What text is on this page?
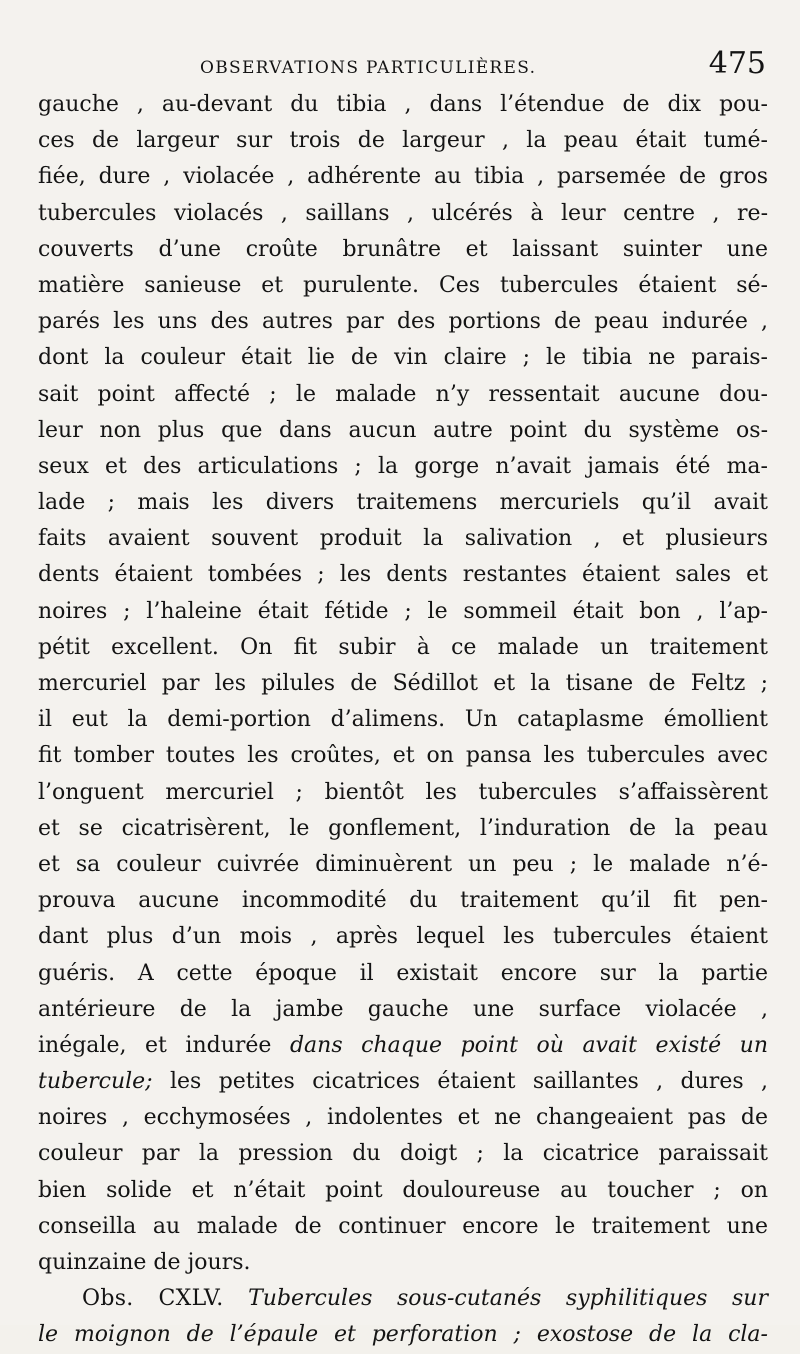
OBSERVATIONS PARTICULIÈRES.	475
gauche , au-devant du tibia , dans l’étendue de dix pou-
ces de largeur sur trois de largeur , la peau était tumé-
fiée, dure , violacée , adhérente au tibia , parsemée de gros
tubercules violacés , saillans , ulcérés à leur centre , re-
couverts d’une croûte brunâtre et laissant suinter une
matière sanieuse et purulente. Ces tubercules étaient sé-
parés les uns des autres par des portions de peau indurée ,
dont la couleur était lie de vin claire ; le tibia ne parais-
sait point affecté ; le malade n’y ressentait aucune dou-
leur non plus que dans aucun autre point du système os-
seux et des articulations ; la gorge n’avait jamais été ma-
lade ; mais les divers traitemens mercuriels qu’il avait
faits avaient souvent produit la salivation , et plusieurs
dents étaient tombées ; les dents restantes étaient sales et
noires ; l’haleine était fétide ; le sommeil était bon , l’ap-
pétit excellent. On fit subir à ce malade un traitement
mercuriel par les pilules de Sédillot et la tisane de Feltz ;
il eut la demi-portion d’alimens. Un cataplasme émollient
fit tomber toutes les croûtes, et on pansa les tubercules avec
l’onguent mercuriel ; bientôt les tubercules s’affaissèrent
et se cicatrisèrent, le gonflement, l’induration de la peau
et sa couleur cuivrée diminuèrent un peu ; le malade n’é-
prouva aucune incommodité du traitement qu’il fit pen-
dant plus d’un mois , après lequel les tubercules étaient
guéris. A cette époque il existait encore sur la partie
antérieure de la jambe gauche une surface violacée ,
inégale, et indurée dans chaque point où avait existé un
tubercule; les petites cicatrices étaient saillantes , dures ,
noires , ecchymosées , indolentes et ne changeaient pas de
couleur par la pression du doigt ; la cicatrice paraissait
bien solide et n’était point douloureuse au toucher ; on
conseilla au malade de continuer encore le traitement une
quinzaine de jours.
Obs. CXLV. Tubercules sous-cutanés syphilitiques sur
le moignon de l’épaule et perforation ; exostose de la cla-
